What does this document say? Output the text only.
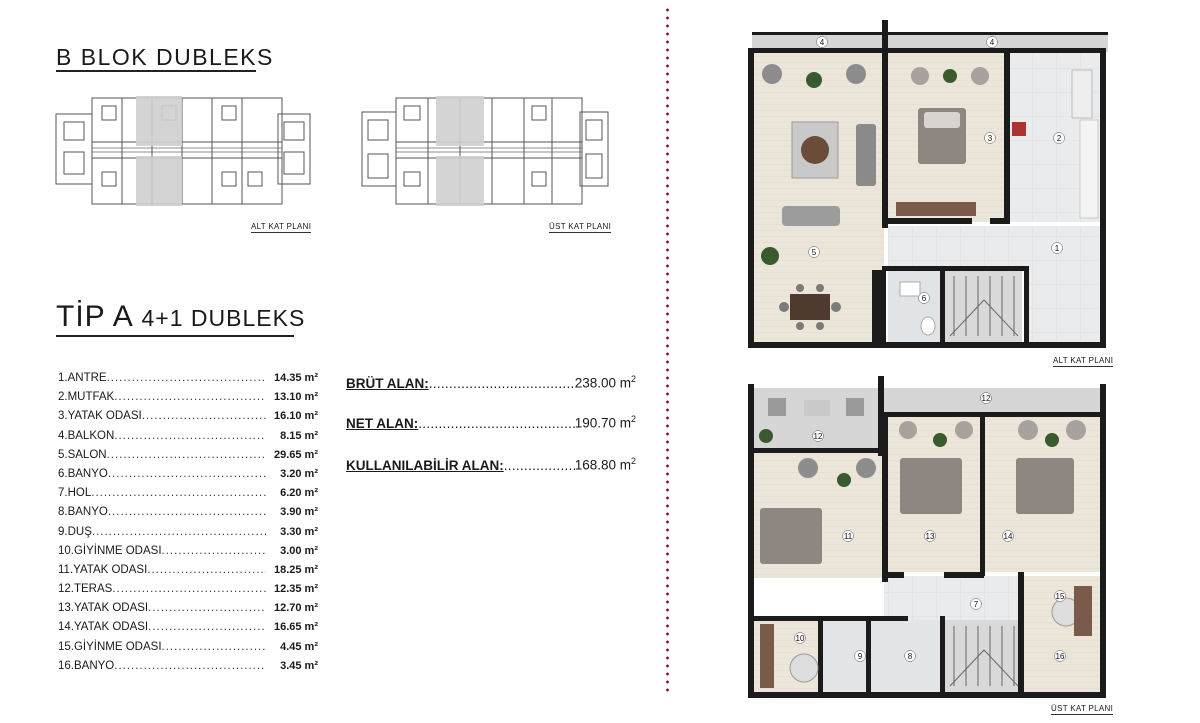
B BLOK DUBLEKS
ALT KAT PLANI	ÜST KAT PLANI
TİP A 4+1 DUBLEKS
1.ANTRE .....	14.35 m²
2.MUTFAK .....	13.10 m²
3.YATAK ODASI .....	16.10 m²
4.BALKON .....	8.15 m²
5.SALON .....	29.65 m²
6.BANYO .....	3.20 m²
7.HOL .....	6.20 m²
8.BANYO .....	3.90 m²
9.DUŞ .....	3.30 m²
10.GİYİNME ODASI .....	3.00 m²
11.YATAK ODASI .....	18.25 m²
12.TERAS .....	12.35 m²
13.YATAK ODASI .....	12.70 m²
14.YATAK ODASI .....	16.65 m²
15.GİYİNME ODASI .....	4.45 m²
16.BANYO .....	3.45 m²
BRÜT ALAN: .....	238.00 $m^2$
NET ALAN: .....	190.70 $m^2$
KULLANILABİLİR ALAN: .....	168.80 $m^2$
4	4
1
2
3
5
6
ALT KAT PLANI
12
12
11	13	14
7
15
10
9	8	16
ÜST KAT PLANI
